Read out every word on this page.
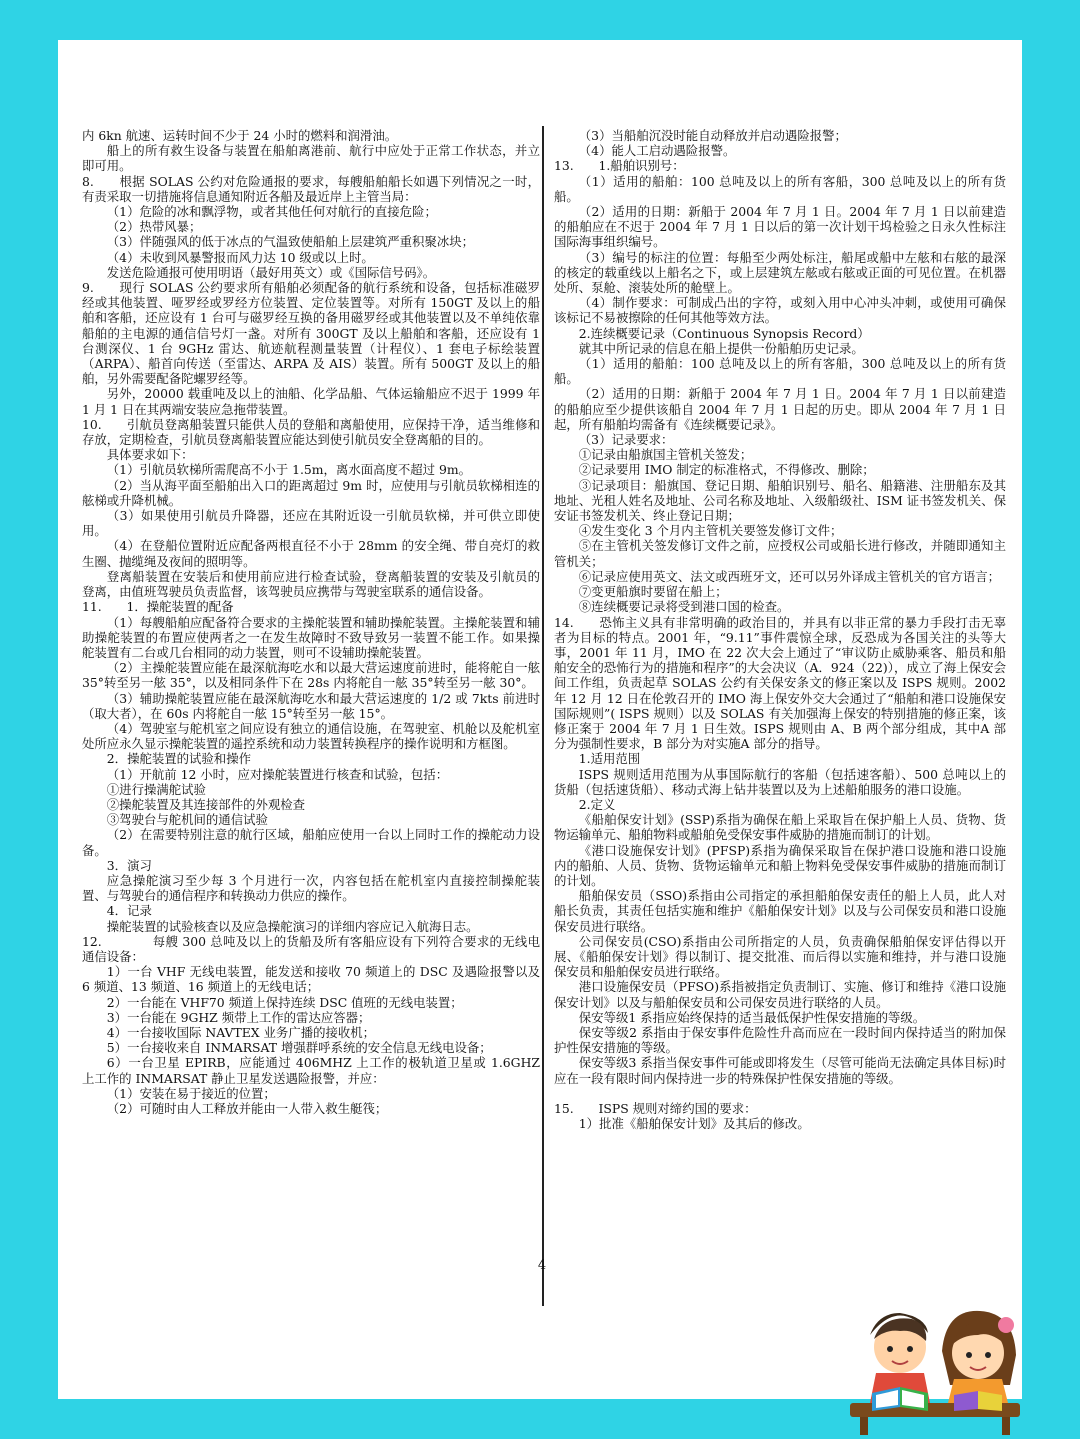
内 6kn 航速、运转时间不少于 24 小时的燃料和润滑油。

船上的所有救生设备与装置在船舶离港前、航行中应处于正常工作状态，并立即可用。

8.　　根据 SOLAS 公约对危险通报的要求，每艘船舶船长如遇下列情况之一时，有责采取一切措施将信息通知附近各船及最近岸上主管当局：

（1）危险的冰和飘浮物，或者其他任何对航行的直接危险；

（2）热带风暴；

（3）伴随强风的低于冰点的气温致使船舶上层建筑严重积聚冰块；

（4）未收到风暴警报而风力达 10 级或以上时。

发送危险通报可使用明语（最好用英文）或《国际信号码》。

9.　　现行 SOLAS 公约要求所有船舶必须配备的航行系统和设备，包括标准磁罗经或其他装置、哑罗经或罗经方位装置、定位装置等。对所有 150GT 及以上的船舶和客船，还应设有 1 台可与磁罗经互换的备用磁罗经或其他装置以及不单纯依靠船舶的主电源的通信信号灯一盏。对所有 300GT 及以上船舶和客船，还应设有 1 台测深仪、1 台 9GHz 雷达、航迹航程测量装置（计程仪）、1 套电子标绘装置（ARPA）、船首向传送（至雷达、ARPA 及 AIS）装置。所有 500GT 及以上的船舶，另外需要配备陀螺罗经等。

另外，20000 载重吨及以上的油船、化学品船、气体运输船应不迟于 1999 年 1 月 1 日在其两端安装应急拖带装置。

10.　　引航员登离船装置只能供人员的登船和离船使用，应保持干净，适当维修和存放，定期检查，引航员登离船装置应能达到使引航员安全登离船的目的。

具体要求如下：

（1）引航员软梯所需爬高不小于 1.5m，离水面高度不超过 9m。

（2）当从海平面至船舶出入口的距离超过 9m 时，应使用与引航员软梯相连的舷梯或升降机械。

（3）如果使用引航员升降器，还应在其附近设一引航员软梯，并可供立即使用。

（4）在登船位置附近应配备两根直径不小于 28mm 的安全绳、带自亮灯的救生圈、抛缆绳及夜间的照明等。

登离船装置在安装后和使用前应进行检查试验，登离船装置的安装及引航员的登离，由值班驾驶员负责监督，该驾驶员应携带与驾驶室联系的通信设备。

11.　　1．操舵装置的配备

（1）每艘船舶应配备符合要求的主操舵装置和辅助操舵装置。主操舵装置和辅助操舵装置的布置应使两者之一在发生故障时不致导致另一装置不能工作。如果操舵装置有二台或几台相同的动力装置，则可不设辅助操舵装置。

（2）主操舵装置应能在最深航海吃水和以最大营运速度前进时，能将舵自一舷 35°转至另一舷 35°，以及相同条件下在 28s 内将舵自一舷 35°转至另一舷 30°。

（3）辅助操舵装置应能在最深航海吃水和最大营运速度的 1/2 或 7kts 前进时（取大者），在 60s 内将舵自一舷 15°转至另一舷 15°。

（4）驾驶室与舵机室之间应设有独立的通信设施，在驾驶室、机舱以及舵机室处所应永久显示操舵装置的遥控系统和动力装置转换程序的操作说明和方框图。

2．操舵装置的试验和操作

（1）开航前 12 小时，应对操舵装置进行核查和试验，包括：

①进行操满舵试验

②操舵装置及其连接部件的外观检查

③驾驶台与舵机间的通信试验

（2）在需要特别注意的航行区域，船舶应使用一台以上同时工作的操舵动力设备。

3．演习

应急操舵演习至少每 3 个月进行一次，内容包括在舵机室内直接控制操舵装置、与驾驶台的通信程序和转换动力供应的操作。

4．记录

操舵装置的试验核查以及应急操舵演习的详细内容应记入航海日志。

12.　　　　每艘 300 总吨及以上的货船及所有客船应设有下列符合要求的无线电通信设备：

1）一台 VHF 无线电装置，能发送和接收 70 频道上的 DSC 及遇险报警以及 6 频道、13 频道、16 频道上的无线电话；

2）一台能在 VHF70 频道上保持连续 DSC 值班的无线电装置；

3）一台能在 9GHZ 频带上工作的雷达应答器；

4）一台接收国际 NAVTEX 业务广播的接收机；

5）一台接收来自 INMARSAT 增强群呼系统的安全信息无线电设备；

6）一台卫星 EPIRB，应能通过 406MHZ 上工作的极轨道卫星或 1.6GHZ 上工作的 INMARSAT 静止卫星发送遇险报警，并应：

（1）安装在易于接近的位置；

（2）可随时由人工释放并能由一人带入救生艇筏；

（3）当船舶沉没时能自动释放并启动遇险报警；

（4）能人工启动遇险报警。

13.　　1.船舶识别号：

（1）适用的船舶：100 总吨及以上的所有客船，300 总吨及以上的所有货船。

（2）适用的日期：新船于 2004 年 7 月 1 日。2004 年 7 月 1 日以前建造的船舶应在不迟于 2004 年 7 月 1 日以后的第一次计划干坞检验之日永久性标注国际海事组织编号。

（3）编号的标注的位置：每船至少两处标注，船尾或船中左舷和右舷的最深的核定的载重线以上船名之下，或上层建筑左舷或右舷或正面的可见位置。在机器处所、泵舱、滚装处所的舱壁上。

（4）制作要求：可制成凸出的字符，或刻入用中心冲头冲刺，或使用可确保该标记不易被擦除的任何其他等效方法。

2.连续概要记录（Continuous Synopsis Record）

就其中所记录的信息在船上提供一份船舶历史记录。

（1）适用的船舶：100 总吨及以上的所有客船，300 总吨及以上的所有货船。

（2）适用的日期：新船于 2004 年 7 月 1 日。2004 年 7 月 1 日以前建造的船舶应至少提供该船自 2004 年 7 月 1 日起的历史。即从 2004 年 7 月 1 日起，所有船舶均需备有《连续概要记录》。

（3）记录要求：

①记录由船旗国主管机关签发；

②记录要用 IMO 制定的标准格式，不得修改、删除；

③记录项目：船旗国、登记日期、船舶识别号、船名、船籍港、注册船东及其地址、光租人姓名及地址、公司名称及地址、入级船级社、ISM 证书签发机关、保安证书签发机关、终止登记日期；

④发生变化 3 个月内主管机关要签发修订文件；

⑤在主管机关签发修订文件之前，应授权公司或船长进行修改，并随即通知主管机关；

⑥记录应使用英文、法文或西班牙文，还可以另外译成主管机关的官方语言；

⑦变更船旗时要留在船上；

⑧连续概要记录将受到港口国的检查。

14.　　恐怖主义具有非常明确的政治目的，并具有以非正常的暴力手段打击无辜者为目标的特点。2001 年，“9.11”事件震惊全球，反恐成为各国关注的头等大事，2001 年 11 月，IMO 在 22 次大会上通过了“审议防止威胁乘客、船员和船舶安全的恐怖行为的措施和程序”的大会决议（A．924（22)），成立了海上保安会间工作组，负责起草 SOLAS 公约有关保安条文的修正案以及 ISPS 规则。2002 年 12 月 12 日在伦敦召开的 IMO 海上保安外交大会通过了“船舶和港口设施保安国际规则”( ISPS 规则）以及 SOLAS 有关加强海上保安的特别措施的修正案，该修正案于 2004 年 7 月 1 日生效。ISPS 规则由 A、B 两个部分组成，其中A 部分为强制性要求，B 部分为对实施A 部分的指导。

1.适用范围

ISPS 规则适用范围为从事国际航行的客船（包括速客船）、500 总吨以上的货船（包括速货船）、移动式海上钻井装置以及为上述船舶服务的港口设施。

2.定义

《船舶保安计划》(SSP)系指为确保在船上采取旨在保护船上人员、货物、货物运输单元、船舶物料或船舶免受保安事件威胁的措施而制订的计划。

《港口设施保安计划》(PFSP)系指为确保采取旨在保护港口设施和港口设施内的船舶、人员、货物、货物运输单元和船上物料免受保安事件威胁的措施而制订的计划。

船舶保安员（SSO)系指由公司指定的承担船舶保安责任的船上人员，此人对船长负责，其责任包括实施和维护《船舶保安计划》以及与公司保安员和港口设施保安员进行联络。

公司保安员(CSO)系指由公司所指定的人员，负责确保船舶保安评估得以开展、《船舶保安计划》得以制订、提交批准、而后得以实施和维持，并与港口设施保安员和船舶保安员进行联络。

港口设施保安员（PFSO)系指被指定负责制订、实施、修订和维持《港口设施保安计划》以及与船舶保安员和公司保安员进行联络的人员。

保安等级1 系指应始终保持的适当最低保护性保安措施的等级。

保安等级2 系指由于保安事件危险性升高而应在一段时间内保持适当的附加保护性保安措施的等级。

保安等级3 系指当保安事件可能或即将发生（尽管可能尚无法确定具体目标)时应在一段有限时间内保持进一步的特殊保护性保安措施的等级。

15.　　ISPS 规则对缔约国的要求：

1）批准《船舶保安计划》及其后的修改。

4
